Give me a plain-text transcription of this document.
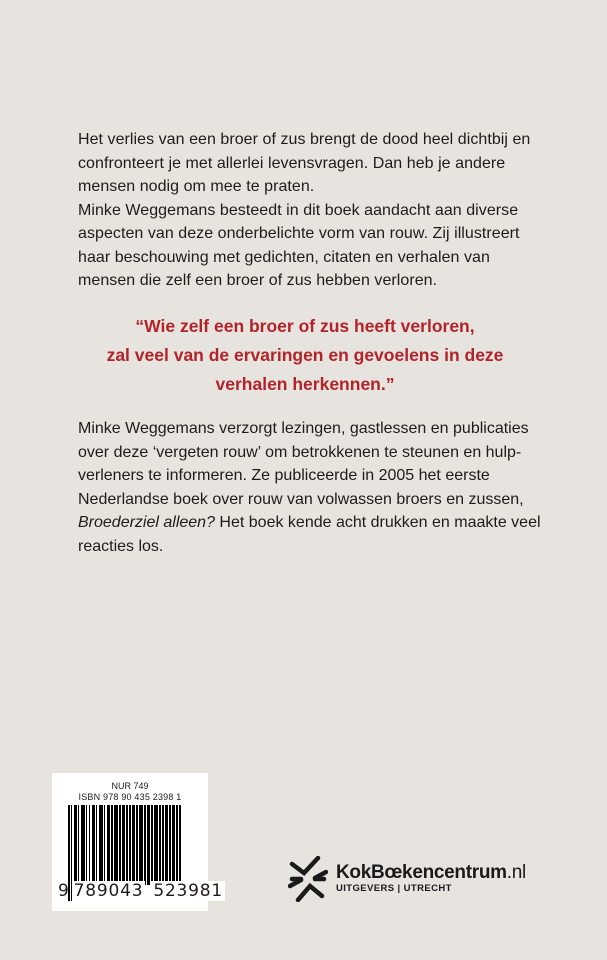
Het verlies van een broer of zus brengt de dood heel dichtbij en confronteert je met allerlei levensvragen. Dan heb je andere mensen nodig om mee te praten.

Minke Weggemans besteedt in dit boek aandacht aan diverse aspecten van deze onderbelichte vorm van rouw. Zij illustreert haar beschouwing met gedichten, citaten en verhalen van mensen die zelf een broer of zus hebben verloren.

“Wie zelf een broer of zus heeft verloren,
zal veel van de ervaringen en gevoelens in deze
verhalen herkennen.”
Minke Weggemans verzorgt lezingen, gastlessen en publicaties over deze ‘vergeten rouw’ om betrokkenen te steunen en hulp-verleners te informeren. Ze publiceerde in 2005 het eerste Nederlandse boek over rouw van volwassen broers en zussen,
Broederziel alleen? Het boek kende acht drukken en maakte veel reacties los.
NUR 749
ISBN 978 90 435 2398 1
9 789043 523981
KokBœkencentrum.nl
UITGEVERS | UTRECHT
